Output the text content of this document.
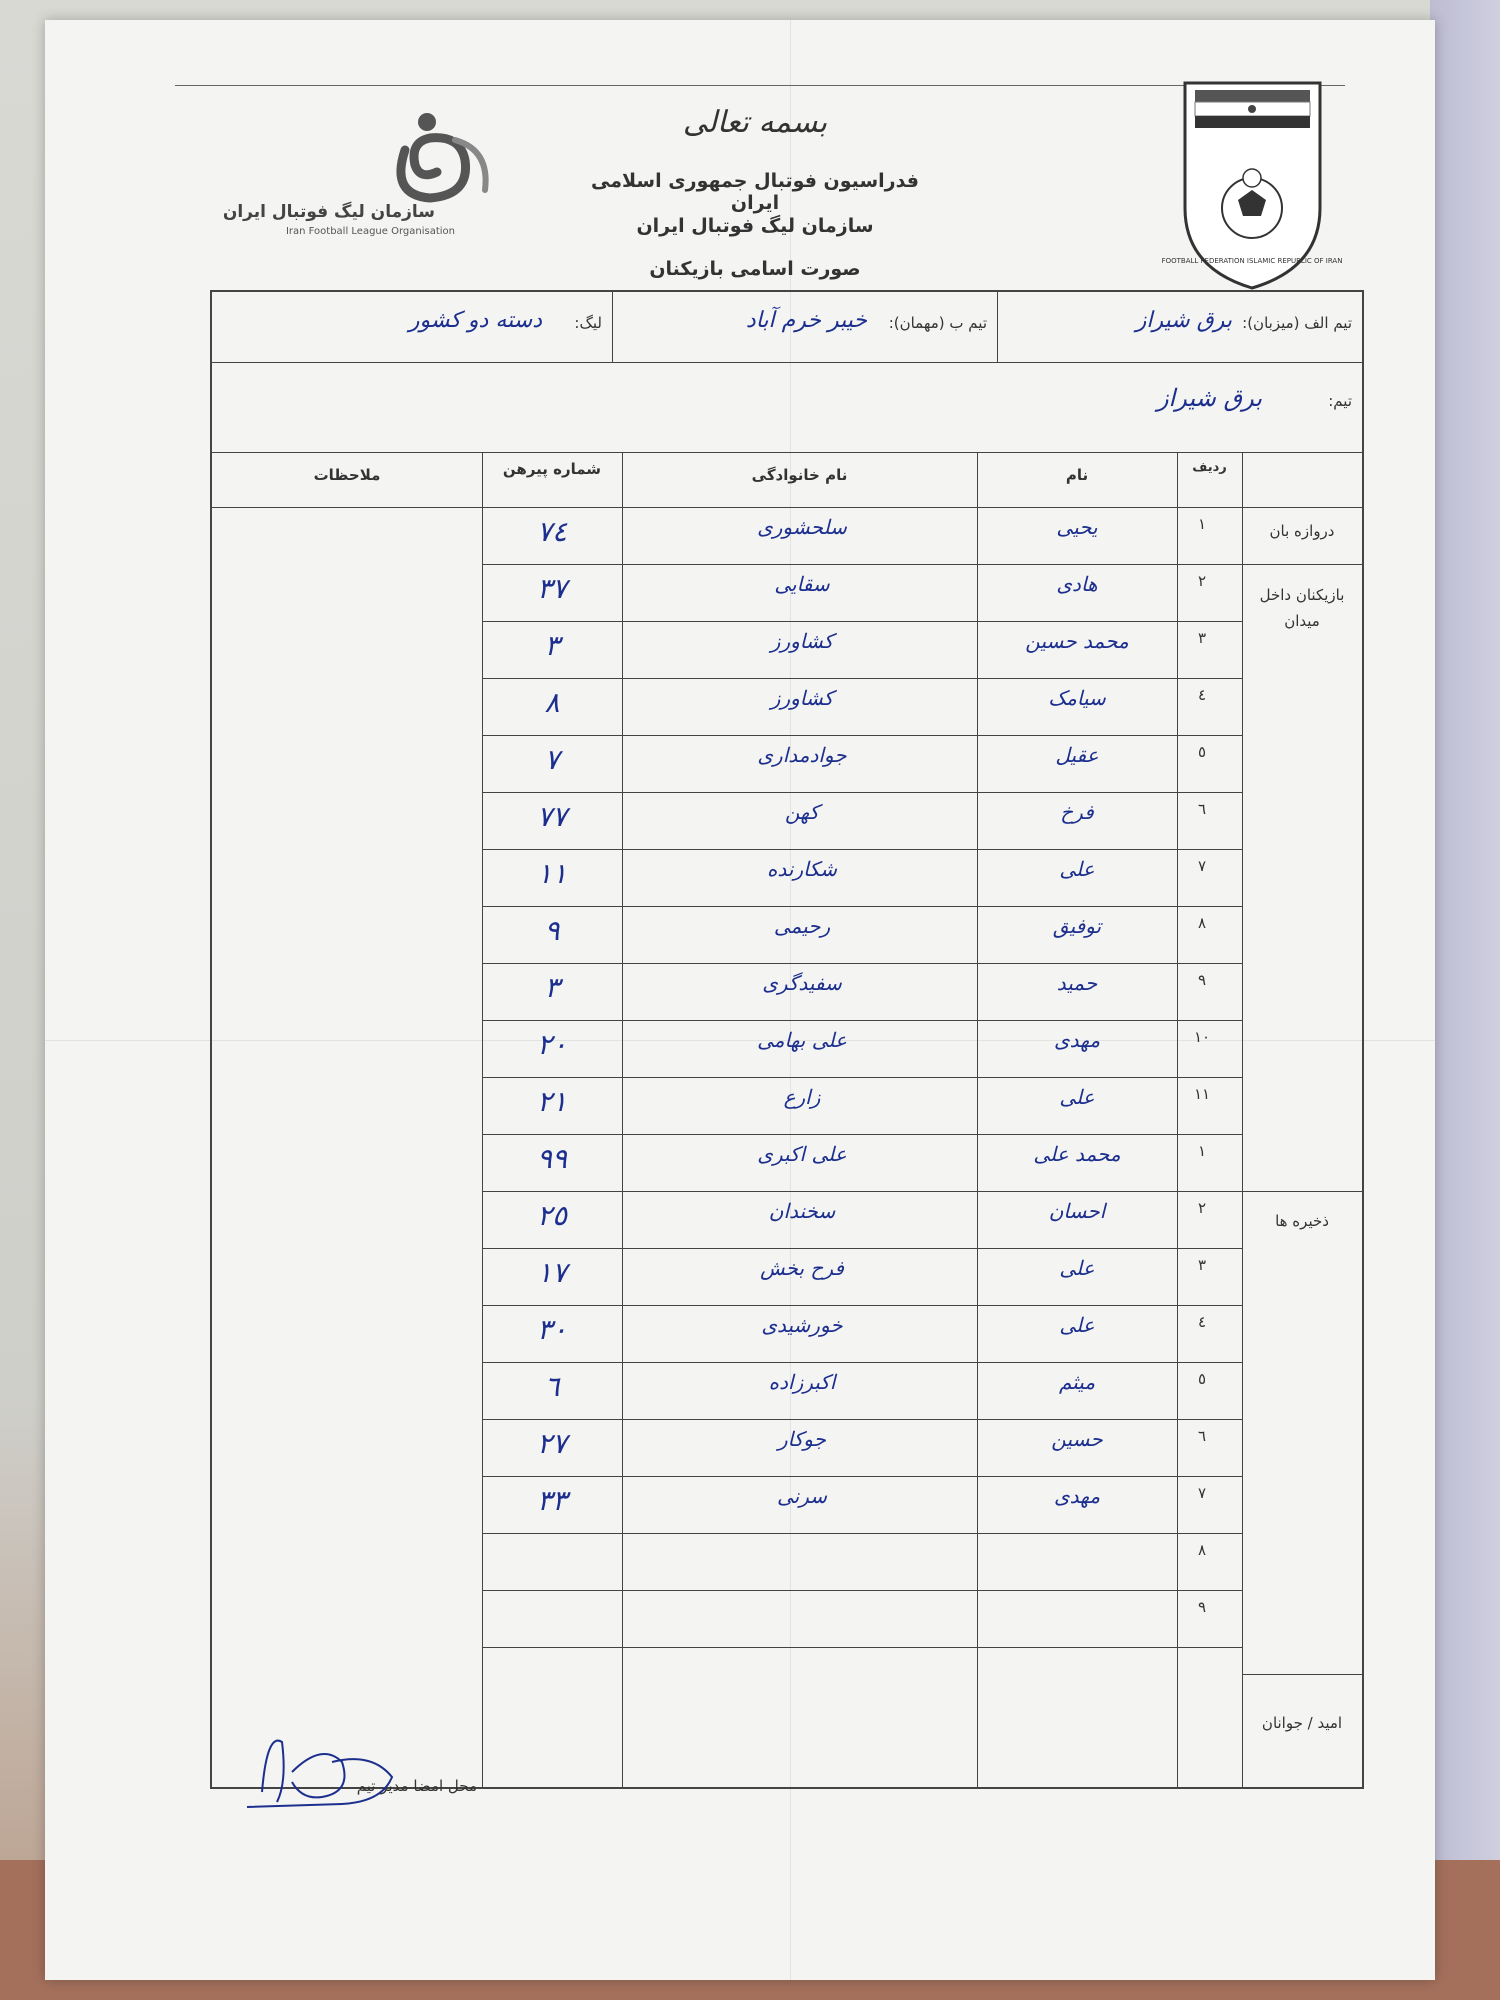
FOOTBALL FEDERATION ISLAMIC REPUBLIC OF IRAN
سازمان لیگ فوتبال ایران
Iran Football League Organisation
بسمه تعالی
فدراسیون فوتبال جمهوری اسلامی ایران
سازمان لیگ فوتبال ایران
صورت اسامی بازیکنان
تیم الف (میزبان):
برق شیراز
تیم ب (مهمان):
خیبر خرم آباد
لیگ:
دسته دو کشور
تیم:
برق شیراز
ردیف
نام
نام خانوادگی
شماره پیرهن
ملاحظات
١
یحیی
سلحشوری
٧٤
٢
هادی
سقایی
٣٧
٣
محمد حسین
کشاورز
٣
٤
سیامک
کشاورز
٨
٥
عقیل
جوادمداری
٧
٦
فرخ
کهن
٧٧
٧
علی
شکارنده
١١
٨
توفیق
رحیمی
٩
٩
حمید
سفیدگری
٣
١٠
مهدی
علی بهامی
٢٠
١١
علی
زارع
٢١
١
محمد علی
علی اکبری
٩٩
٢
احسان
سخندان
٢٥
٣
علی
فرح بخش
١٧
٤
علی
خورشیدی
٣٠
٥
میثم
اکبرزاده
٦
٦
حسین
جوکار
٢٧
٧
مهدی
سرنی
٣٣
٨
٩
دروازه بان
بازیکنان داخل میدان
ذخیره ها
امید / جوانان
محل امضا مدیر تیم
